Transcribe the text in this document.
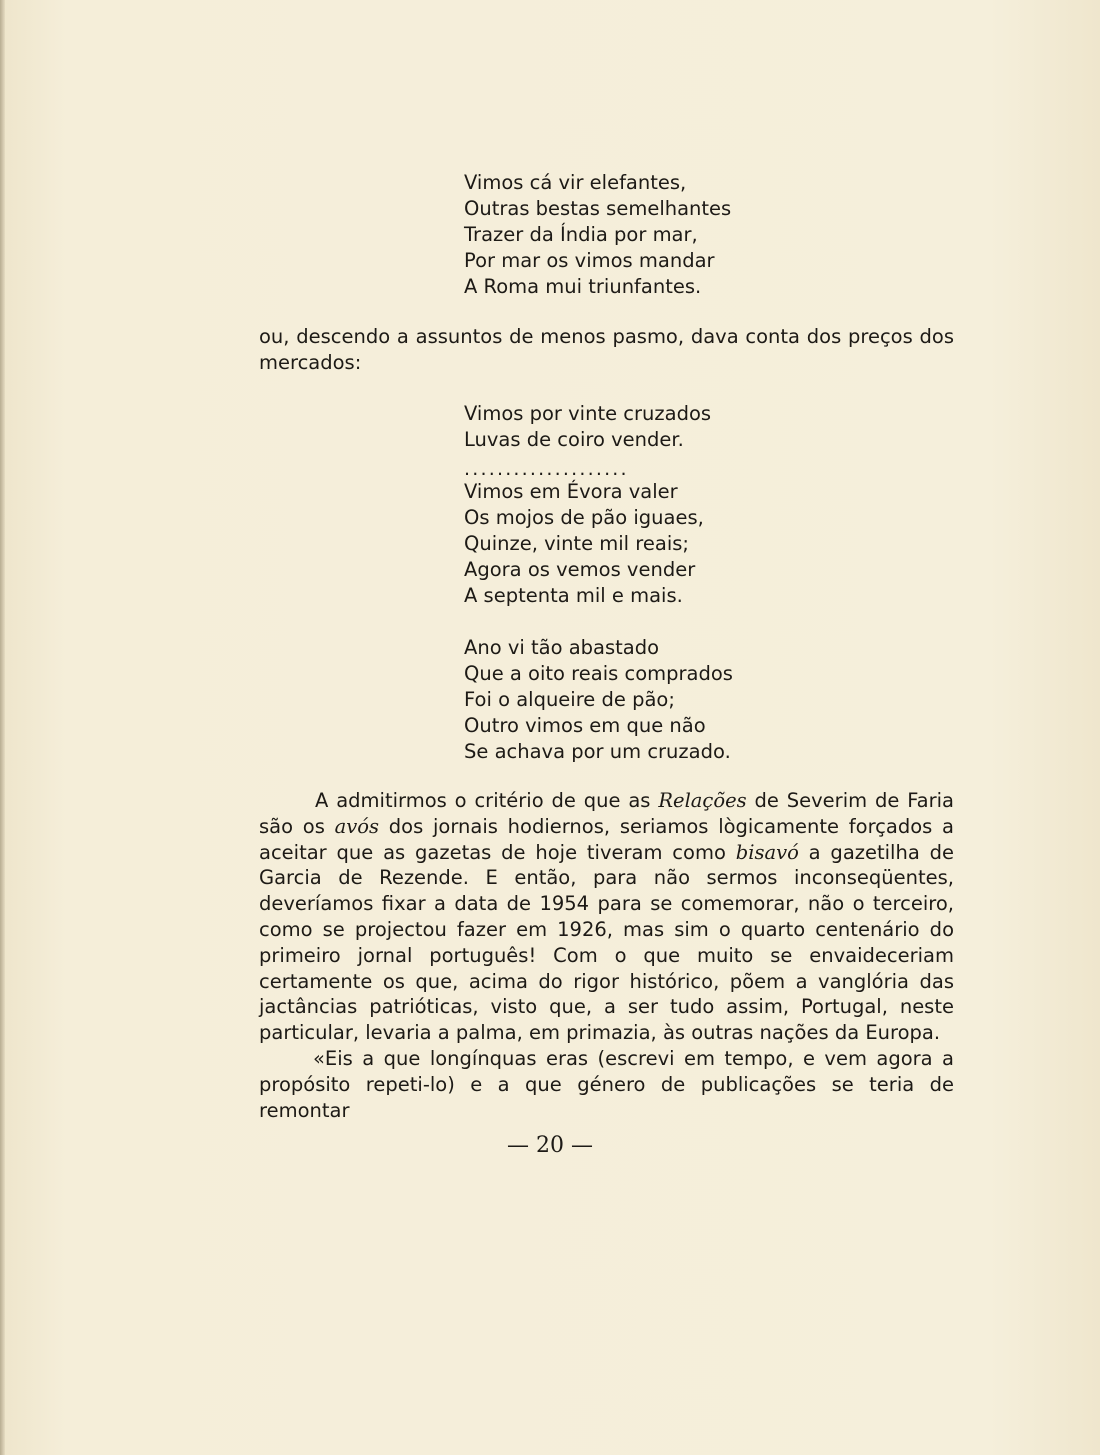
Vimos cá vir elefantes,
Outras bestas semelhantes
Trazer da Índia por mar,
Por mar os vimos mandar
A Roma mui triunfantes.

ou, descendo a assuntos de menos pasmo, dava conta dos preços dos mercados:

Vimos por vinte cruzados
Luvas de coiro vender.
....................
Vimos em Évora valer
Os mojos de pão iguaes,
Quinze, vinte mil reais;
Agora os vemos vender
A septenta mil e mais.
Ano vi tão abastado
Que a oito reais comprados
Foi o alqueire de pão;
Outro vimos em que não
Se achava por um cruzado.

A admitirmos o critério de que as Relações de Severim de Faria são os avós dos jornais hodiernos, seriamos lògicamente forçados a aceitar que as gazetas de hoje tiveram como bisavó a gazetilha de Garcia de Rezende. E então, para não sermos inconseqüentes, deveríamos fixar a data de 1954 para se comemorar, não o terceiro, como se projectou fazer em 1926, mas sim o quarto centenário do primeiro jornal português! Com o que muito se envaideceriam certamente os que, acima do rigor histórico, põem a vanglória das jactâncias patrióticas, visto que, a ser tudo assim, Portugal, neste particular, levaria a palma, em primazia, às outras nações da Europa.

«Eis a que longínquas eras (escrevi em tempo, e vem agora a propósito repeti-lo) e a que género de publicações se teria de remontar

— 20 —
